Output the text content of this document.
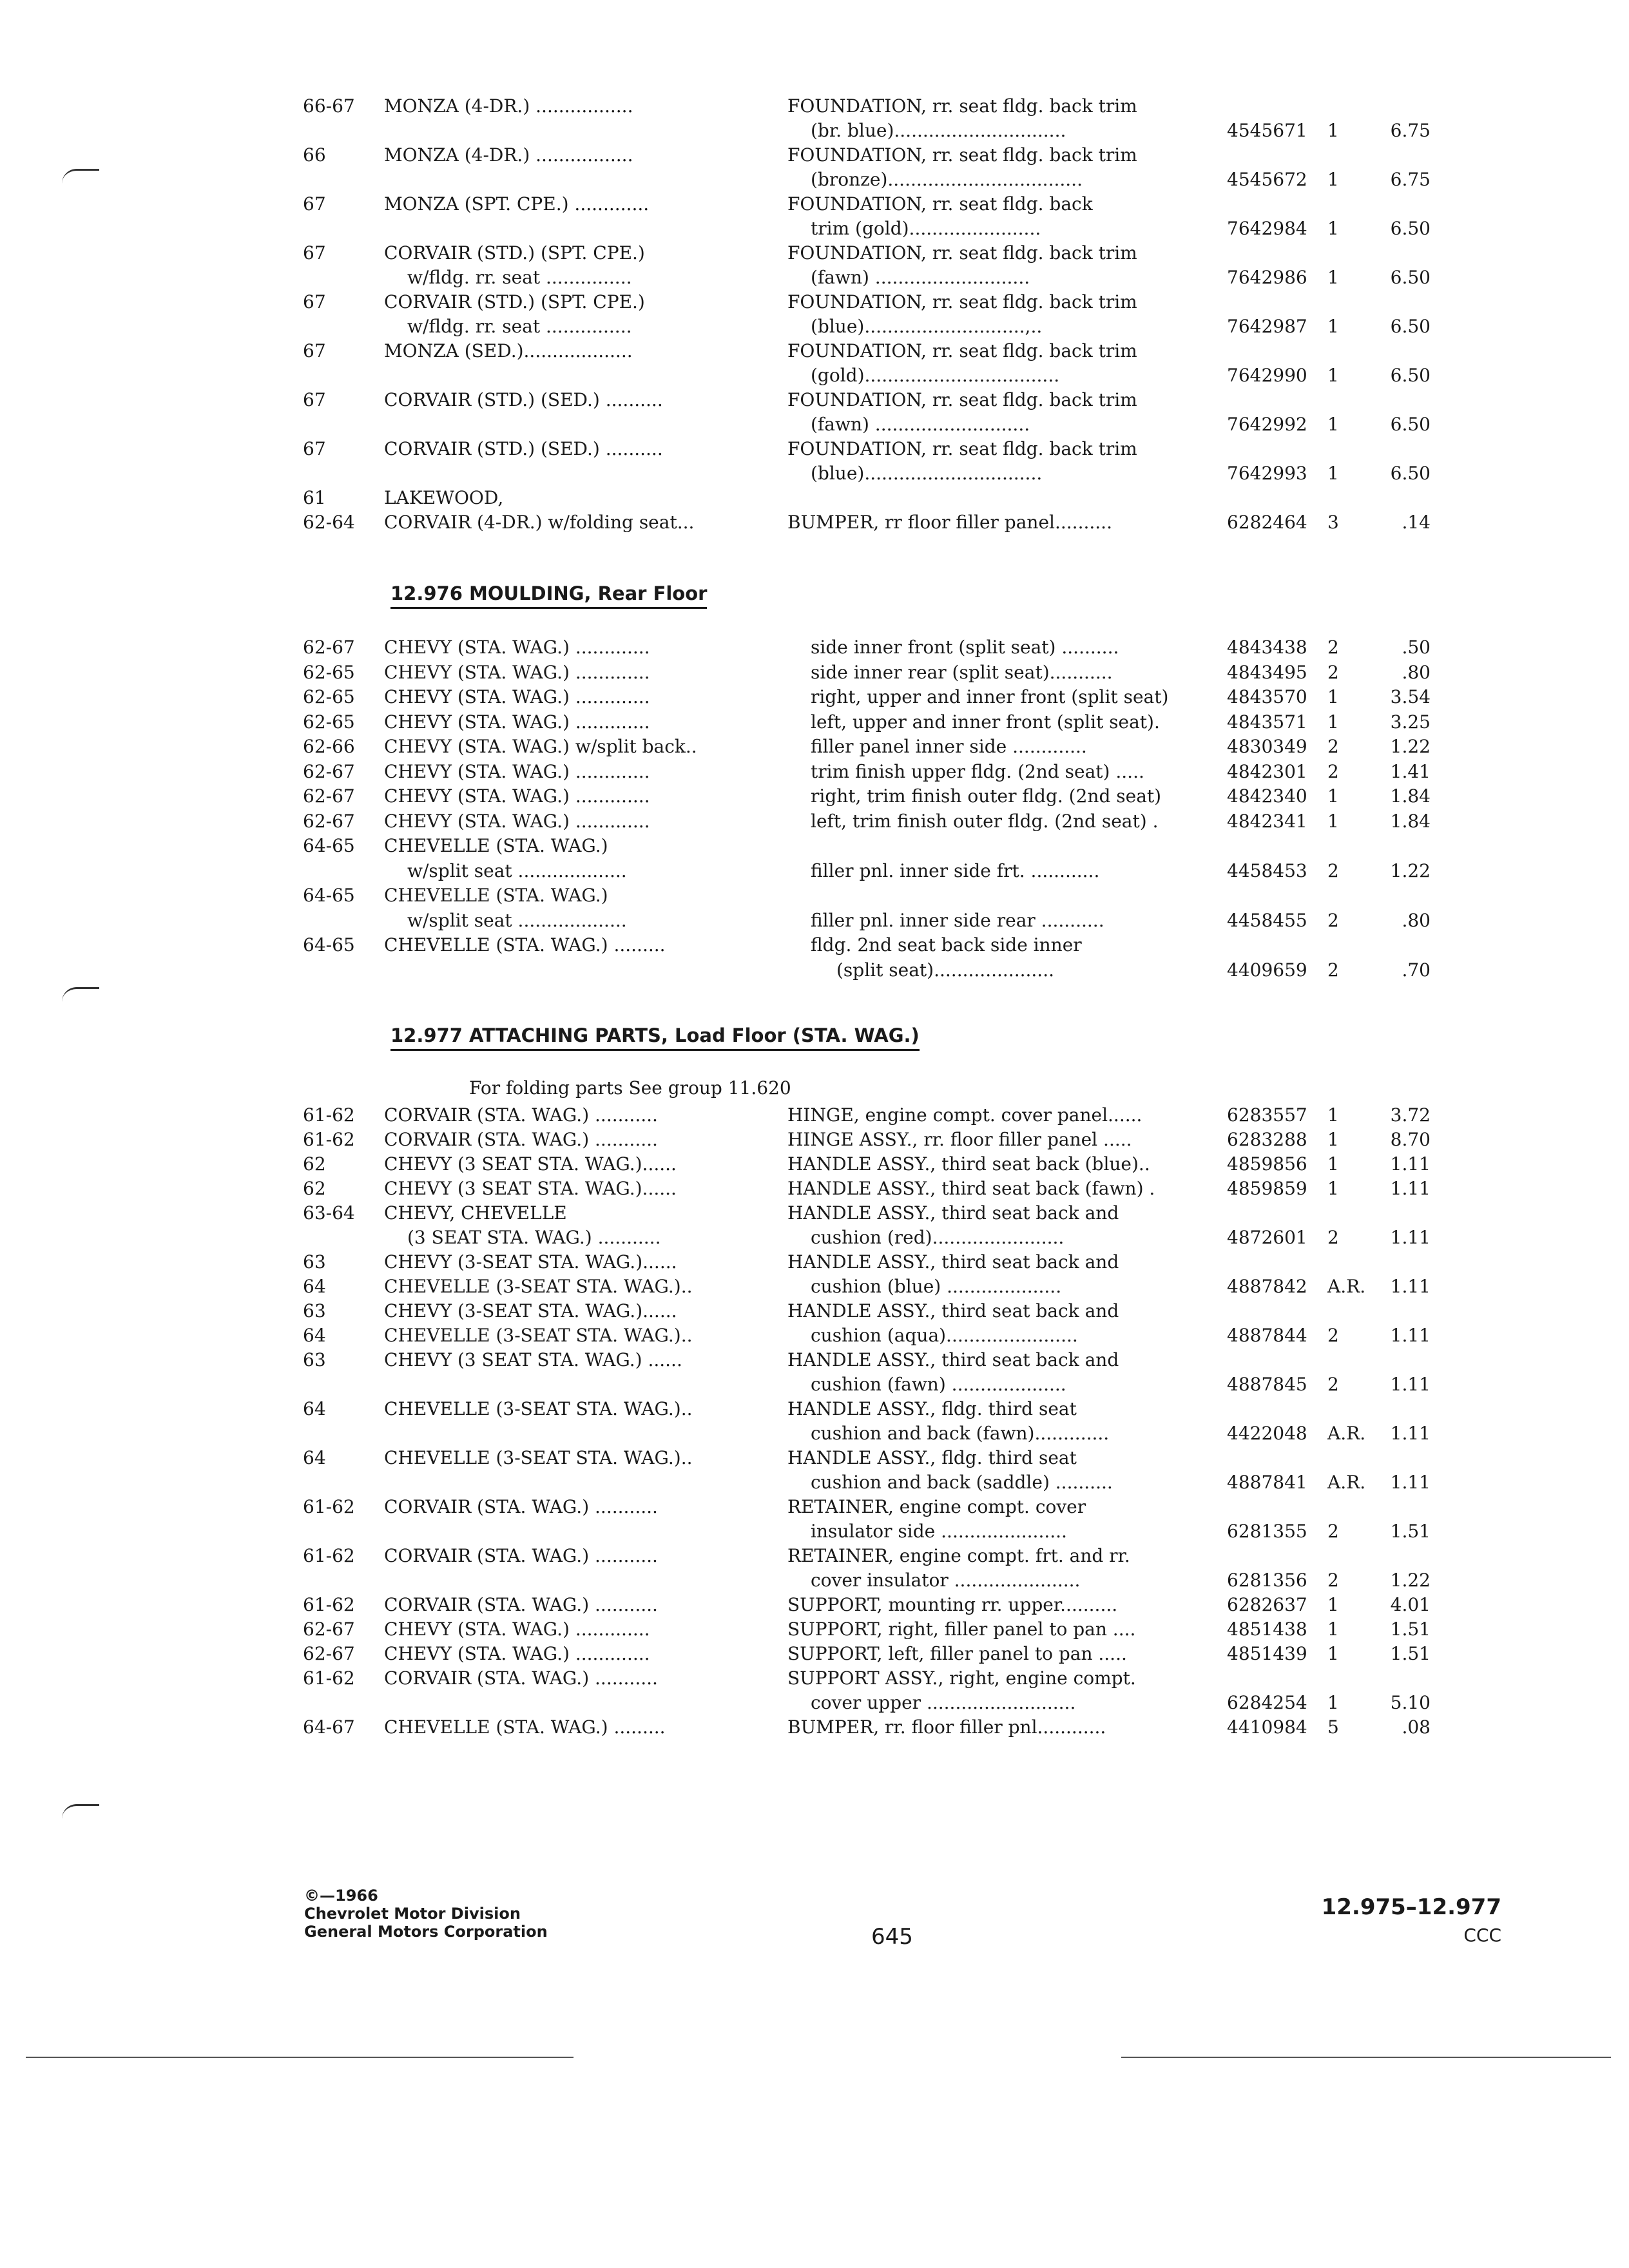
66-67 MONZA (4-DR.) .................	FOUNDATION, rr. seat fldg. back trim
(br. blue)..............................	4545671 1	6.75
66	MONZA (4-DR.) .................	FOUNDATION, rr. seat fldg. back trim
(bronze)..................................	4545672 1	6.75
67	MONZA (SPT. CPE.) .............	FOUNDATION, rr. seat fldg. back
trim (gold).......................	7642984 1	6.50
67	CORVAIR (STD.) (SPT. CPE.)	FOUNDATION, rr. seat fldg. back trim
w/fldg. rr. seat ...............	(fawn) ...........................	7642986 1	6.50
67	CORVAIR (STD.) (SPT. CPE.)	FOUNDATION, rr. seat fldg. back trim
w/fldg. rr. seat ...............	(blue)............................,..	7642987 1	6.50
67	MONZA (SED.)...................	FOUNDATION, rr. seat fldg. back trim
(gold)..................................	7642990 1	6.50
67	CORVAIR (STD.) (SED.) ..........	FOUNDATION, rr. seat fldg. back trim
(fawn) ...........................	7642992 1	6.50
67	CORVAIR (STD.) (SED.) ..........	FOUNDATION, rr. seat fldg. back trim
(blue)...............................	7642993 1	6.50
61	LAKEWOOD,
62-64 CORVAIR (4-DR.) w/folding seat...	BUMPER, rr floor filler panel..........	6282464 3	.14
12.976 MOULDING, Rear Floor
62-67 CHEVY (STA. WAG.) .............	side inner front (split seat) ..........	4843438 2	.50
62-65 CHEVY (STA. WAG.) .............	side inner rear (split seat)...........	4843495 2	.80
62-65 CHEVY (STA. WAG.) .............	right, upper and inner front (split seat)	4843570 1	3.54
62-65 CHEVY (STA. WAG.) .............	left, upper and inner front (split seat).	4843571 1	3.25
62-66 CHEVY (STA. WAG.) w/split back..	filler panel inner side .............	4830349 2	1.22
62-67 CHEVY (STA. WAG.) .............	trim finish upper fldg. (2nd seat) .....	4842301 2	1.41
62-67 CHEVY (STA. WAG.) .............	right, trim finish outer fldg. (2nd seat)	4842340 1	1.84
62-67 CHEVY (STA. WAG.) .............	left, trim finish outer fldg. (2nd seat) .	4842341 1	1.84
64-65 CHEVELLE (STA. WAG.)
w/split seat ...................	filler pnl. inner side frt. ............	4458453 2	1.22
64-65 CHEVELLE (STA. WAG.)
w/split seat ...................	filler pnl. inner side rear ...........	4458455 2	.80
64-65 CHEVELLE (STA. WAG.) .........	fldg. 2nd seat back side inner
(split seat).....................	4409659 2	.70
12.977 ATTACHING PARTS, Load Floor (STA. WAG.)
For folding parts See group 11.620
61-62 CORVAIR (STA. WAG.) ...........	HINGE, engine compt. cover panel......	6283557 1	3.72
61-62 CORVAIR (STA. WAG.) ...........	HINGE ASSY., rr. floor filler panel .....	6283288 1	8.70
62	CHEVY (3 SEAT STA. WAG.)......	HANDLE ASSY., third seat back (blue)..	4859856 1	1.11
62	CHEVY (3 SEAT STA. WAG.)......	HANDLE ASSY., third seat back (fawn) .	4859859 1	1.11
63-64 CHEVY, CHEVELLE	HANDLE ASSY., third seat back and
(3 SEAT STA. WAG.) ...........	cushion (red).......................	4872601 2	1.11
63	CHEVY (3-SEAT STA. WAG.)......	HANDLE ASSY., third seat back and
64	CHEVELLE (3-SEAT STA. WAG.)..	cushion (blue) ....................	4887842 A.R.	1.11
63	CHEVY (3-SEAT STA. WAG.)......	HANDLE ASSY., third seat back and
64	CHEVELLE (3-SEAT STA. WAG.)..	cushion (aqua).......................	4887844 2	1.11
63	CHEVY (3 SEAT STA. WAG.) ......	HANDLE ASSY., third seat back and
cushion (fawn) ....................	4887845 2	1.11
64	CHEVELLE (3-SEAT STA. WAG.)..	HANDLE ASSY., fldg. third seat
cushion and back (fawn).............	4422048 A.R.	1.11
64	CHEVELLE (3-SEAT STA. WAG.)..	HANDLE ASSY., fldg. third seat
cushion and back (saddle) ..........	4887841 A.R.	1.11
61-62 CORVAIR (STA. WAG.) ...........	RETAINER, engine compt. cover
insulator side ......................	6281355 2	1.51
61-62 CORVAIR (STA. WAG.) ...........	RETAINER, engine compt. frt. and rr.
cover insulator ......................	6281356 2	1.22
61-62 CORVAIR (STA. WAG.) ...........	SUPPORT, mounting rr. upper..........	6282637 1	4.01
62-67 CHEVY (STA. WAG.) .............	SUPPORT, right, filler panel to pan ....	4851438 1	1.51
62-67 CHEVY (STA. WAG.) .............	SUPPORT, left, filler panel to pan .....	4851439 1	1.51
61-62 CORVAIR (STA. WAG.) ...........	SUPPORT ASSY., right, engine compt.
cover upper ..........................	6284254 1	5.10
64-67 CHEVELLE (STA. WAG.) .........	BUMPER, rr. floor filler pnl............	4410984 5	.08
©—1966
Chevrolet Motor Division
General Motors Corporation	645
12.975–12.977
CCC
